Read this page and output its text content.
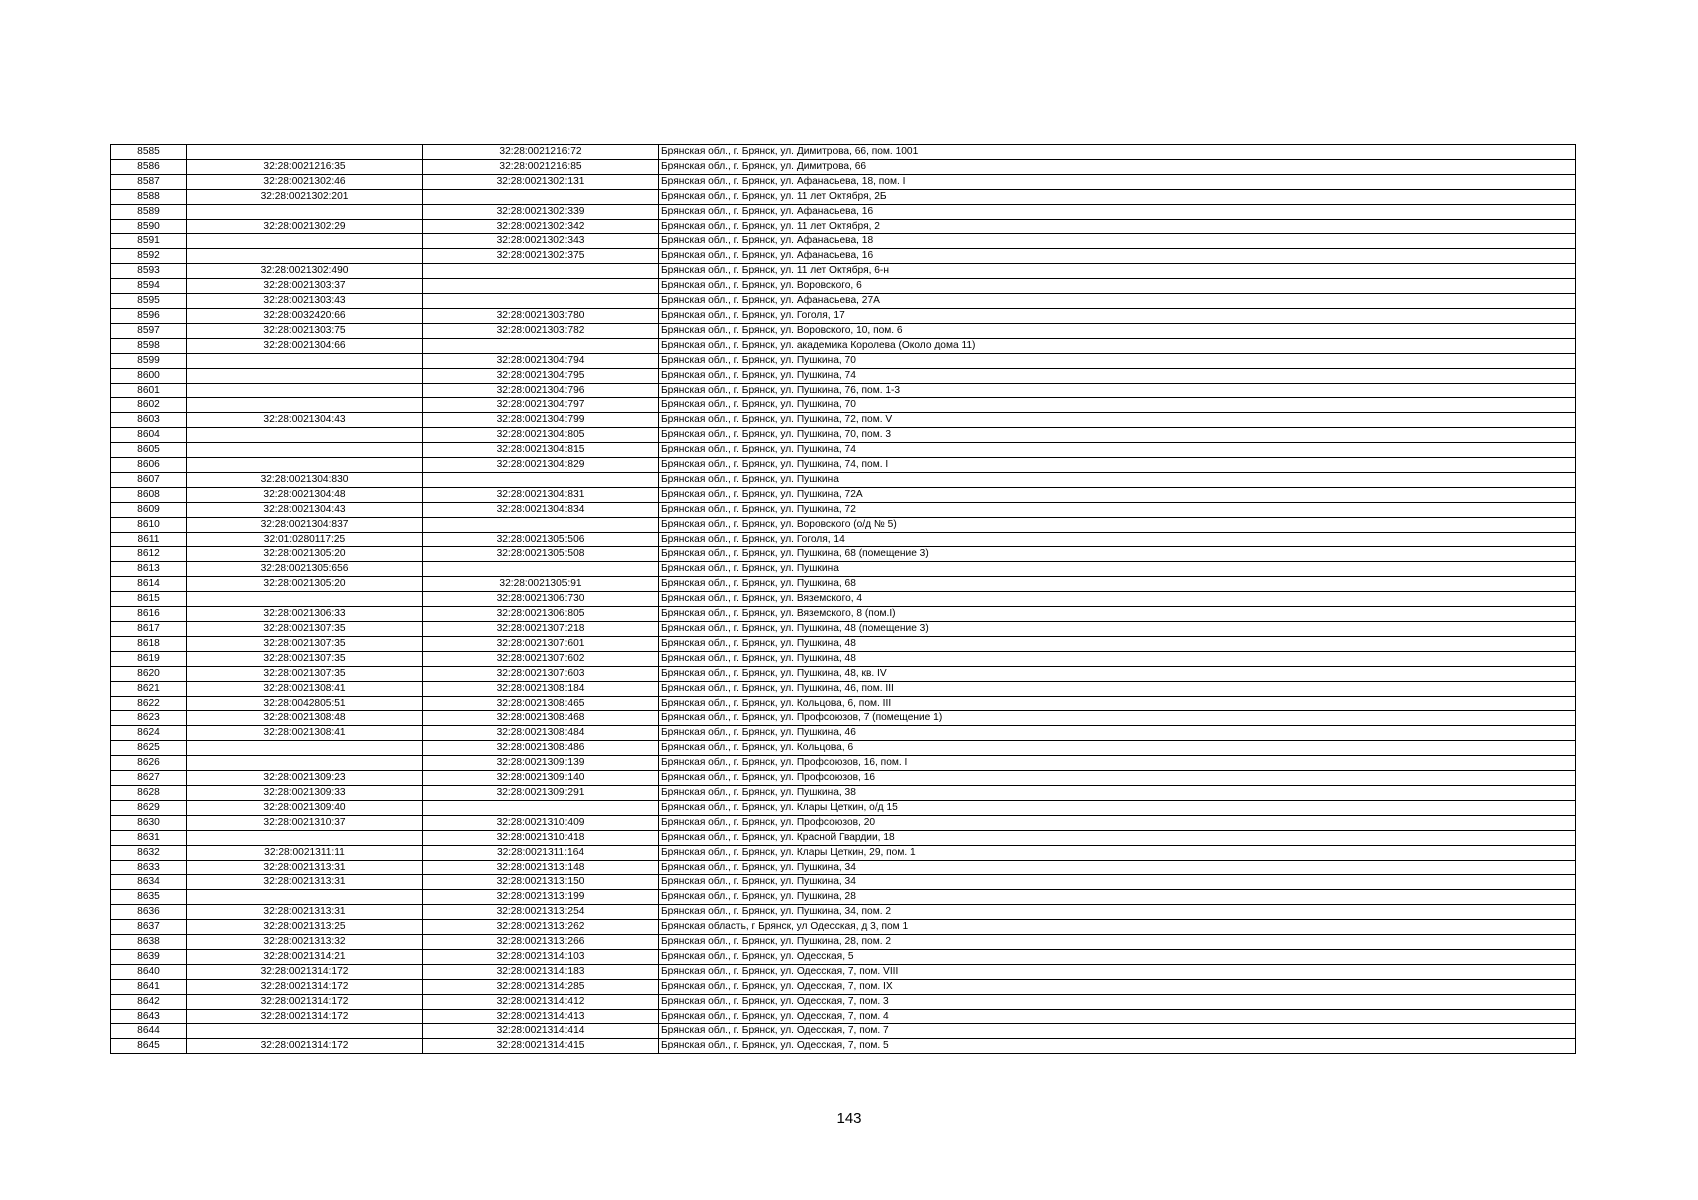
8585		32:28:0021216:72	Брянская обл., г. Брянск, ул. Димитрова, 66, пом. 1001
8586	32:28:0021216:35	32:28:0021216:85	Брянская обл., г. Брянск, ул. Димитрова, 66
8587	32:28:0021302:46	32:28:0021302:131	Брянская обл., г. Брянск, ул. Афанасьева, 18, пом. I
8588	32:28:0021302:201		Брянская обл., г. Брянск, ул. 11 лет Октября, 2Б
8589		32:28:0021302:339	Брянская обл., г. Брянск, ул. Афанасьева, 16
8590	32:28:0021302:29	32:28:0021302:342	Брянская обл., г. Брянск, ул. 11 лет Октября, 2
8591		32:28:0021302:343	Брянская обл., г. Брянск, ул. Афанасьева, 18
8592		32:28:0021302:375	Брянская обл., г. Брянск, ул. Афанасьева, 16
8593	32:28:0021302:490		Брянская обл., г. Брянск, ул. 11 лет Октября, 6-н
8594	32:28:0021303:37		Брянская обл., г. Брянск, ул. Воровского, 6
8595	32:28:0021303:43		Брянская обл., г. Брянск, ул. Афанасьева, 27А
8596	32:28:0032420:66	32:28:0021303:780	Брянская обл., г. Брянск, ул. Гоголя, 17
8597	32:28:0021303:75	32:28:0021303:782	Брянская обл., г. Брянск, ул. Воровского, 10, пом. 6
8598	32:28:0021304:66		Брянская обл., г. Брянск, ул. академика Королева (Около дома 11)
8599		32:28:0021304:794	Брянская обл., г. Брянск, ул. Пушкина, 70
8600		32:28:0021304:795	Брянская обл., г. Брянск, ул. Пушкина, 74
8601		32:28:0021304:796	Брянская обл., г. Брянск, ул. Пушкина, 76, пом. 1-3
8602		32:28:0021304:797	Брянская обл., г. Брянск, ул. Пушкина, 70
8603	32:28:0021304:43	32:28:0021304:799	Брянская обл., г. Брянск, ул. Пушкина, 72, пом. V
8604		32:28:0021304:805	Брянская обл., г. Брянск, ул. Пушкина, 70, пом. 3
8605		32:28:0021304:815	Брянская обл., г. Брянск, ул. Пушкина, 74
8606		32:28:0021304:829	Брянская обл., г. Брянск, ул. Пушкина, 74, пом. I
8607	32:28:0021304:830		Брянская обл., г. Брянск, ул. Пушкина
8608	32:28:0021304:48	32:28:0021304:831	Брянская обл., г. Брянск, ул. Пушкина, 72А
8609	32:28:0021304:43	32:28:0021304:834	Брянская обл., г. Брянск, ул. Пушкина, 72
8610	32:28:0021304:837		Брянская обл., г. Брянск, ул. Воровского (о/д № 5)
8611	32:01:0280117:25	32:28:0021305:506	Брянская обл., г. Брянск, ул. Гоголя, 14
8612	32:28:0021305:20	32:28:0021305:508	Брянская обл., г. Брянск, ул. Пушкина, 68 (помещение 3)
8613	32:28:0021305:656		Брянская обл., г. Брянск, ул. Пушкина
8614	32:28:0021305:20	32:28:0021305:91	Брянская обл., г. Брянск, ул. Пушкина, 68
8615		32:28:0021306:730	Брянская обл., г. Брянск, ул. Вяземского, 4
8616	32:28:0021306:33	32:28:0021306:805	Брянская обл., г. Брянск, ул. Вяземского, 8 (пом.I)
8617	32:28:0021307:35	32:28:0021307:218	Брянская обл., г. Брянск, ул. Пушкина, 48 (помещение 3)
8618	32:28:0021307:35	32:28:0021307:601	Брянская обл., г. Брянск, ул. Пушкина, 48
8619	32:28:0021307:35	32:28:0021307:602	Брянская обл., г. Брянск, ул. Пушкина, 48
8620	32:28:0021307:35	32:28:0021307:603	Брянская обл., г. Брянск, ул. Пушкина, 48, кв. IV
8621	32:28:0021308:41	32:28:0021308:184	Брянская обл., г. Брянск, ул. Пушкина, 46, пом. III
8622	32:28:0042805:51	32:28:0021308:465	Брянская обл., г. Брянск, ул. Кольцова, 6, пом. III
8623	32:28:0021308:48	32:28:0021308:468	Брянская обл., г. Брянск, ул. Профсоюзов, 7 (помещение 1)
8624	32:28:0021308:41	32:28:0021308:484	Брянская обл., г. Брянск, ул. Пушкина, 46
8625		32:28:0021308:486	Брянская обл., г. Брянск, ул. Кольцова, 6
8626		32:28:0021309:139	Брянская обл., г. Брянск, ул. Профсоюзов, 16, пом. I
8627	32:28:0021309:23	32:28:0021309:140	Брянская обл., г. Брянск, ул. Профсоюзов, 16
8628	32:28:0021309:33	32:28:0021309:291	Брянская обл., г. Брянск, ул. Пушкина, 38
8629	32:28:0021309:40		Брянская обл., г. Брянск, ул. Клары Цеткин, о/д 15
8630	32:28:0021310:37	32:28:0021310:409	Брянская обл., г. Брянск, ул. Профсоюзов, 20
8631		32:28:0021310:418	Брянская обл., г. Брянск, ул. Красной Гвардии, 18
8632	32:28:0021311:11	32:28:0021311:164	Брянская обл., г. Брянск, ул. Клары Цеткин, 29, пом. 1
8633	32:28:0021313:31	32:28:0021313:148	Брянская обл., г. Брянск, ул. Пушкина, 34
8634	32:28:0021313:31	32:28:0021313:150	Брянская обл., г. Брянск, ул. Пушкина, 34
8635		32:28:0021313:199	Брянская обл., г. Брянск, ул. Пушкина, 28
8636	32:28:0021313:31	32:28:0021313:254	Брянская обл., г. Брянск, ул. Пушкина, 34, пом. 2
8637	32:28:0021313:25	32:28:0021313:262	Брянская область, г Брянск, ул Одесская, д 3, пом 1
8638	32:28:0021313:32	32:28:0021313:266	Брянская обл., г. Брянск, ул. Пушкина, 28, пом. 2
8639	32:28:0021314:21	32:28:0021314:103	Брянская обл., г. Брянск, ул. Одесская, 5
8640	32:28:0021314:172	32:28:0021314:183	Брянская обл., г. Брянск, ул. Одесская, 7, пом. VIII
8641	32:28:0021314:172	32:28:0021314:285	Брянская обл., г. Брянск, ул. Одесская, 7, пом. IX
8642	32:28:0021314:172	32:28:0021314:412	Брянская обл., г. Брянск, ул. Одесская, 7, пом. 3
8643	32:28:0021314:172	32:28:0021314:413	Брянская обл., г. Брянск, ул. Одесская, 7, пом. 4
8644		32:28:0021314:414	Брянская обл., г. Брянск, ул. Одесская, 7, пом. 7
8645	32:28:0021314:172	32:28:0021314:415	Брянская обл., г. Брянск, ул. Одесская, 7, пом. 5
143
